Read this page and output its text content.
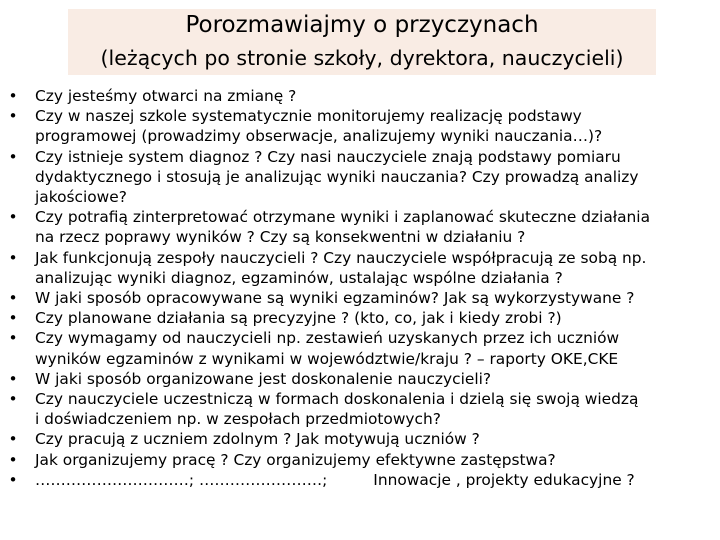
Porozmawiajmy o przyczynach
(leżących po stronie szkoły, dyrektora, nauczycieli)
• Czy jesteśmy otwarci na zmianę ?
• Czy w naszej szkole systematycznie monitorujemy realizację podstawy
programowej (prowadzimy obserwacje, analizujemy wyniki nauczania…)?
• Czy istnieje system diagnoz ? Czy nasi nauczyciele znają podstawy pomiaru
dydaktycznego i stosują je analizując wyniki nauczania? Czy prowadzą analizy
jakościowe?
• Czy potrafią zinterpretować otrzymane wyniki i zaplanować skuteczne działania
na rzecz poprawy wyników ? Czy są konsekwentni w działaniu ?
• Jak funkcjonują zespoły nauczycieli ? Czy nauczyciele współpracują ze sobą np.
analizując wyniki diagnoz, egzaminów, ustalając wspólne działania ?
• W jaki sposób opracowywane są wyniki egzaminów? Jak są wykorzystywane ?
• Czy planowane działania są precyzyjne ? (kto, co, jak i kiedy zrobi ?)
• Czy wymagamy od nauczycieli np. zestawień uzyskanych przez ich uczniów
wyników egzaminów z wynikami w województwie/kraju ? – raporty OKE,CKE
• W jaki sposób organizowane jest doskonalenie nauczycieli?
• Czy nauczyciele uczestniczą w formach doskonalenia i dzielą się swoją wiedzą
i doświadczeniem np. w zespołach przedmiotowych?
• Czy pracują z uczniem zdolnym ? Jak motywują uczniów ?
• Jak organizujemy pracę ? Czy organizujemy efektywne zastępstwa?
• …………………………; ……………………;	Innowacje , projekty edukacyjne ?
